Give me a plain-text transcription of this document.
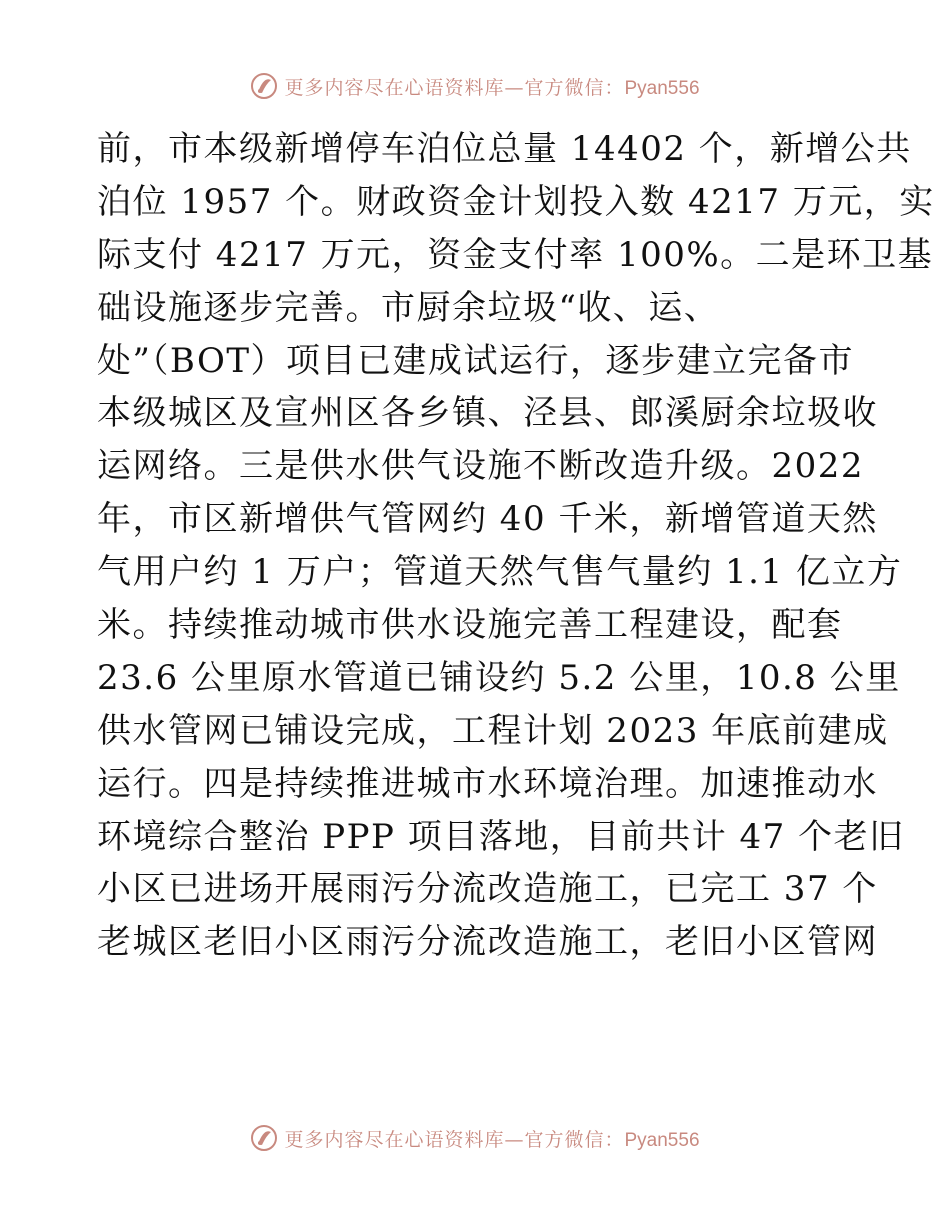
更多内容尽在心语资料库—官方微信：Pyan556
前，市本级新增停车泊位总量 14402 个，新增公共
泊位 1957 个。财政资金计划投入数 4217 万元，实
际支付 4217 万元，资金支付率 100%。二是环卫基
础设施逐步完善。市厨余垃圾“收、运、
处”（BOT）项目已建成试运行，逐步建立完备市
本级城区及宣州区各乡镇、泾县、郎溪厨余垃圾收
运网络。三是供水供气设施不断改造升级。2022
年，市区新增供气管网约 40 千米，新增管道天然
气用户约 1 万户；管道天然气售气量约 1.1 亿立方
米。持续推动城市供水设施完善工程建设，配套
23.6 公里原水管道已铺设约 5.2 公里，10.8 公里
供水管网已铺设完成，工程计划 2023 年底前建成
运行。四是持续推进城市水环境治理。加速推动水
环境综合整治 PPP 项目落地，目前共计 47 个老旧
小区已进场开展雨污分流改造施工，已完工 37 个
老城区老旧小区雨污分流改造施工，老旧小区管网
更多内容尽在心语资料库—官方微信：Pyan556
